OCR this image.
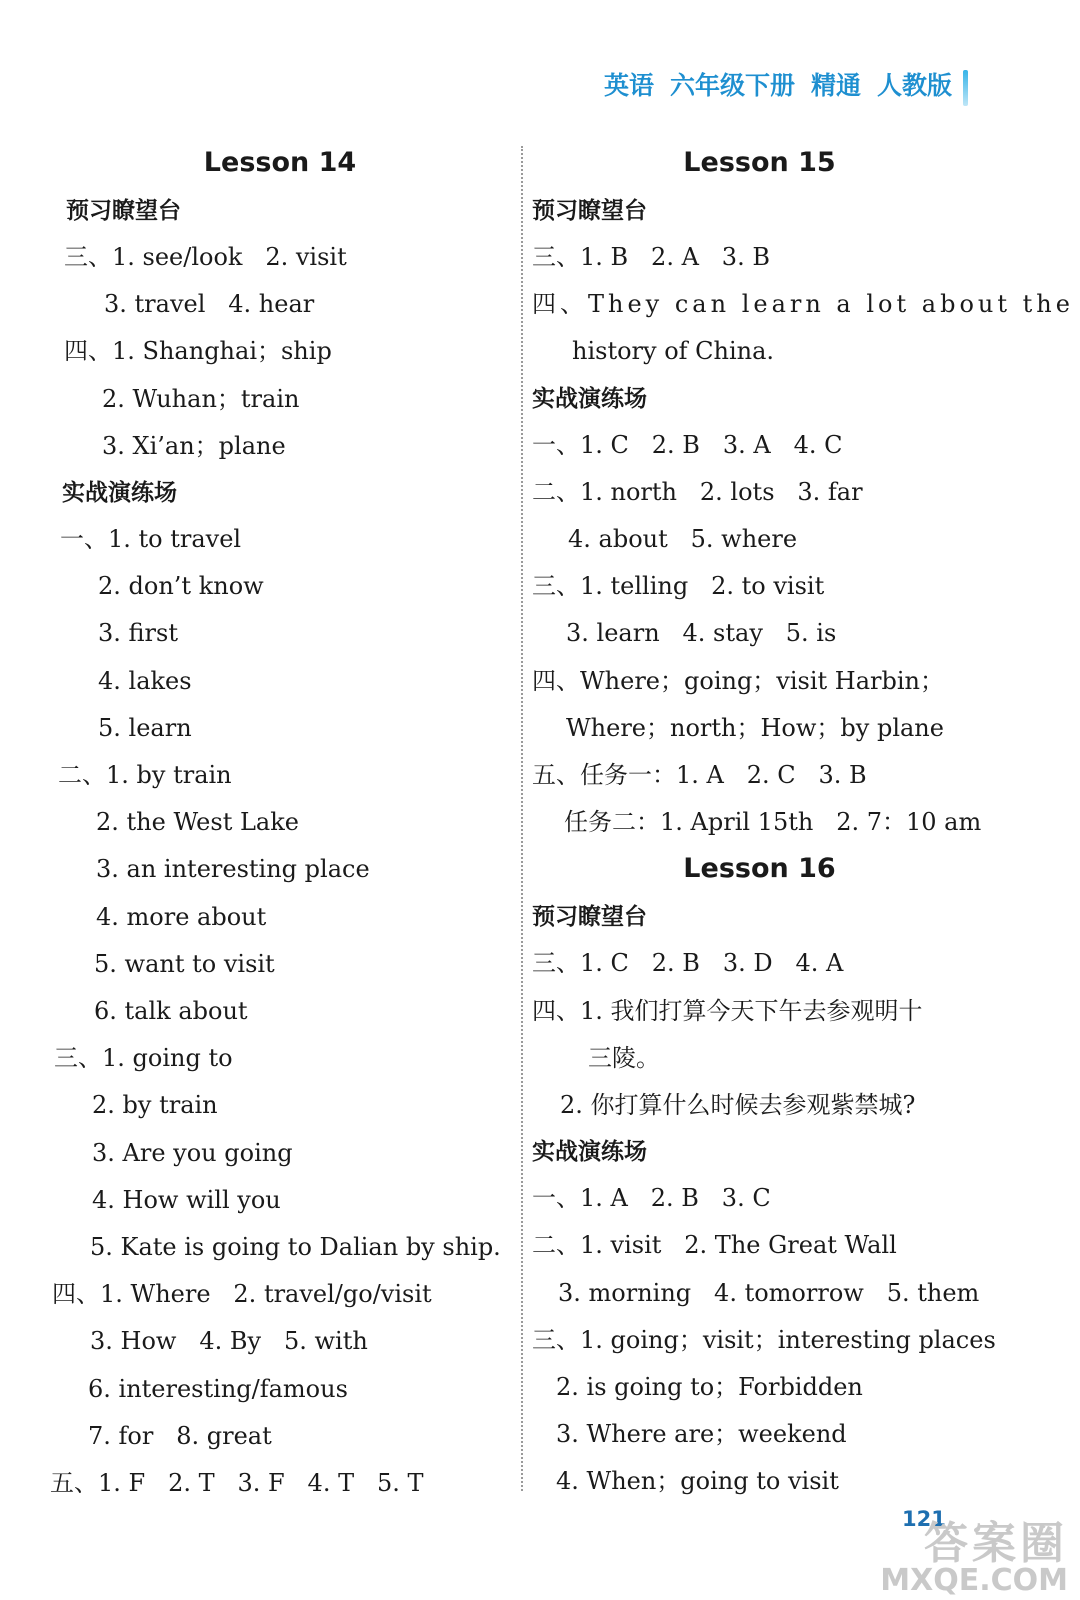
英语 六年级下册 精通 人教版
Lesson 14
预习瞭望台
三、1. see/look   2. visit
3. travel   4. hear
四、1. Shanghai；ship
2. Wuhan；train
3. Xi’an；plane
实战演练场
一、1. to travel
2. don’t know
3. first
4. lakes
5. learn
二、1. by train
2. the West Lake
3. an interesting place
4. more about
5. want to visit
6. talk about
三、1. going to
2. by train
3. Are you going
4. How will you
5. Kate is going to Dalian by ship.
四、1. Where   2. travel/go/visit
3. How   4. By   5. with
6. interesting/famous
7. for   8. great
五、1. F   2. T   3. F   4. T   5. T
Lesson 15
预习瞭望台
三、1. B   2. A   3. B
四、They can learn a lot about the
history of China.
实战演练场
一、1. C   2. B   3. A   4. C
二、1. north   2. lots   3. far
4. about   5. where
三、1. telling   2. to visit
3. learn   4. stay   5. is
四、Where；going；visit Harbin；
Where；north；How；by plane
五、任务一：1. A   2. C   3. B
任务二：1. April 15th   2. 7：10 am
Lesson 16
预习瞭望台
三、1. C   2. B   3. D   4. A
四、1. 我们打算今天下午去参观明十
三陵。
2. 你打算什么时候去参观紫禁城?
实战演练场
一、1. A   2. B   3. C
二、1. visit   2. The Great Wall
3. morning   4. tomorrow   5. them
三、1. going；visit；interesting places
2. is going to；Forbidden
3. Where are；weekend
4. When；going to visit
121
答案圈
MXQE.COM
